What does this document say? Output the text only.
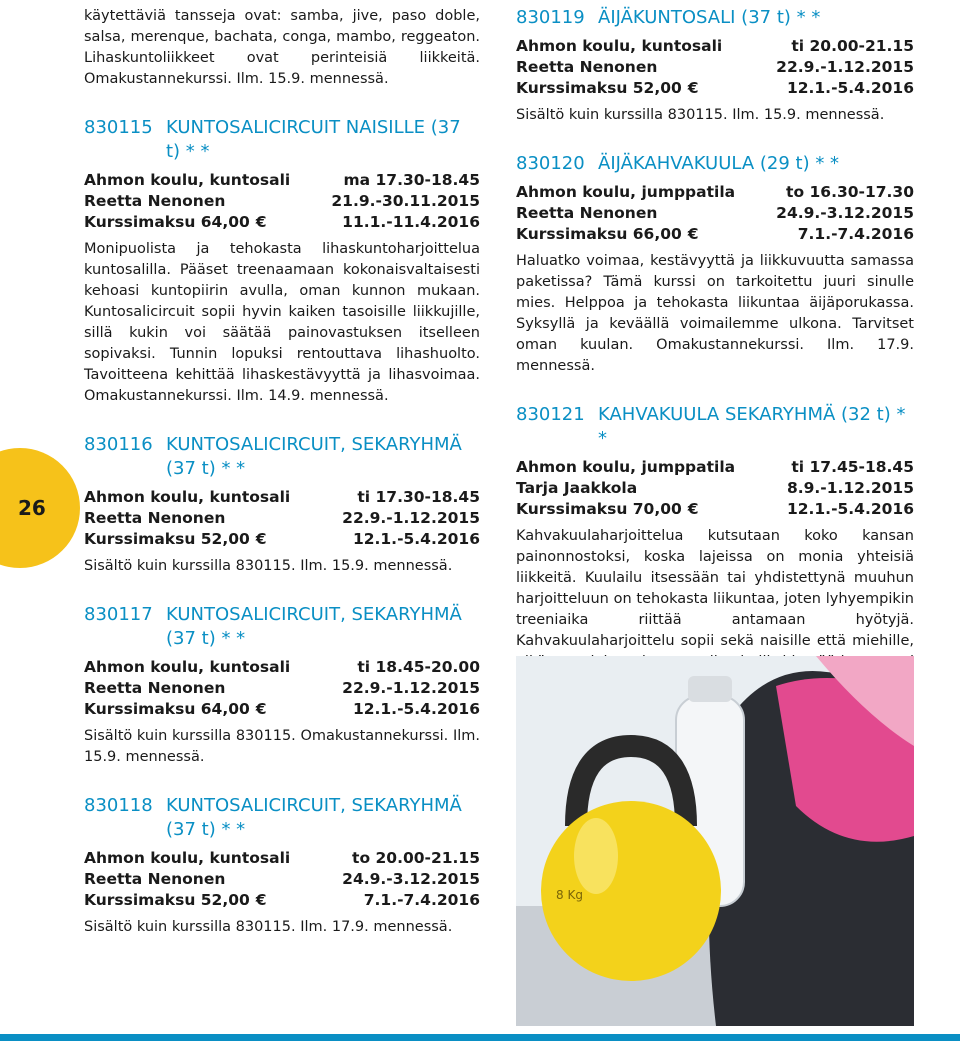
26

käytettäviä tansseja ovat: samba, jive, paso doble, salsa, merenque, bachata, conga, mambo, reggeaton. Lihaskuntoliikkeet ovat perinteisiä liikkeitä. Omakustannekurssi. Ilm. 15.9. mennessä.

830115 KUNTOSALICIRCUIT NAISILLE (37 t) * *
Ahmon koulu, kuntosali	ma 17.30-18.45
Reetta Nenonen	21.9.-30.11.2015
Kurssimaksu 64,00 €	11.1.-11.4.2016

Monipuolista ja tehokasta lihaskuntoharjoittelua kuntosalilla. Pääset treenaamaan kokonaisvaltaisesti kehoasi kuntopiirin avulla, oman kunnon mukaan. Kuntosalicircuit sopii hyvin kaiken tasoisille liikkujille, sillä kukin voi säätää painovastuksen itselleen sopivaksi. Tunnin lopuksi rentouttava lihashuolto. Tavoitteena kehittää lihaskestävyyttä ja lihasvoimaa. Omakustannekurssi. Ilm. 14.9. mennessä.

830116 KUNTOSALICIRCUIT, SEKARYHMÄ (37 t) * *
Ahmon koulu, kuntosali	ti 17.30-18.45
Reetta Nenonen	22.9.-1.12.2015
Kurssimaksu 52,00 €	12.1.-5.4.2016

Sisältö kuin kurssilla 830115. Ilm. 15.9. mennessä.

830117 KUNTOSALICIRCUIT, SEKARYHMÄ (37 t) * *
Ahmon koulu, kuntosali	ti 18.45-20.00
Reetta Nenonen	22.9.-1.12.2015
Kurssimaksu 64,00 €	12.1.-5.4.2016

Sisältö kuin kurssilla 830115. Omakustannekurssi. Ilm. 15.9. mennessä.

830118 KUNTOSALICIRCUIT, SEKARYHMÄ (37 t) * *
Ahmon koulu, kuntosali	to 20.00-21.15
Reetta Nenonen	24.9.-3.12.2015
Kurssimaksu 52,00 €	7.1.-7.4.2016

Sisältö kuin kurssilla 830115. Ilm. 17.9. mennessä.

830119 ÄIJÄKUNTOSALI (37 t) * *
Ahmon koulu, kuntosali	ti 20.00-21.15
Reetta Nenonen	22.9.-1.12.2015
Kurssimaksu 52,00 €	12.1.-5.4.2016

Sisältö kuin kurssilla 830115. Ilm. 15.9. mennessä.

830120 ÄIJÄKAHVAKUULA (29 t) * *
Ahmon koulu, jumppatila	to 16.30-17.30
Reetta Nenonen	24.9.-3.12.2015
Kurssimaksu 66,00 €	7.1.-7.4.2016

Haluatko voimaa, kestävyyttä ja liikkuvuutta samassa paketissa? Tämä kurssi on tarkoitettu juuri sinulle mies. Helppoa ja tehokasta liikuntaa äijäporukassa. Syksyllä ja keväällä voimailemme ulkona. Tarvitset oman kuulan. Omakustannekurssi. Ilm. 17.9. mennessä.

830121 KAHVAKUULA SEKARYHMÄ (32 t) * *
Ahmon koulu, jumppatila	ti 17.45-18.45
Tarja Jaakkola	8.9.-1.12.2015
Kurssimaksu 70,00 €	12.1.-5.4.2016

Kahvakuulaharjoittelua kutsutaan koko kansan painonnostoksi, koska lajeissa on monia yhteisiä liikkeitä. Kuulailu itsessään tai yhdistettynä muuhun harjoitteluun on tehokasta liikuntaa, joten lyhyempikin treeniaika riittää antamaan hyötyjä. Kahvakuulaharjoittelu sopii sekä naisille että miehille,

8 Kg
